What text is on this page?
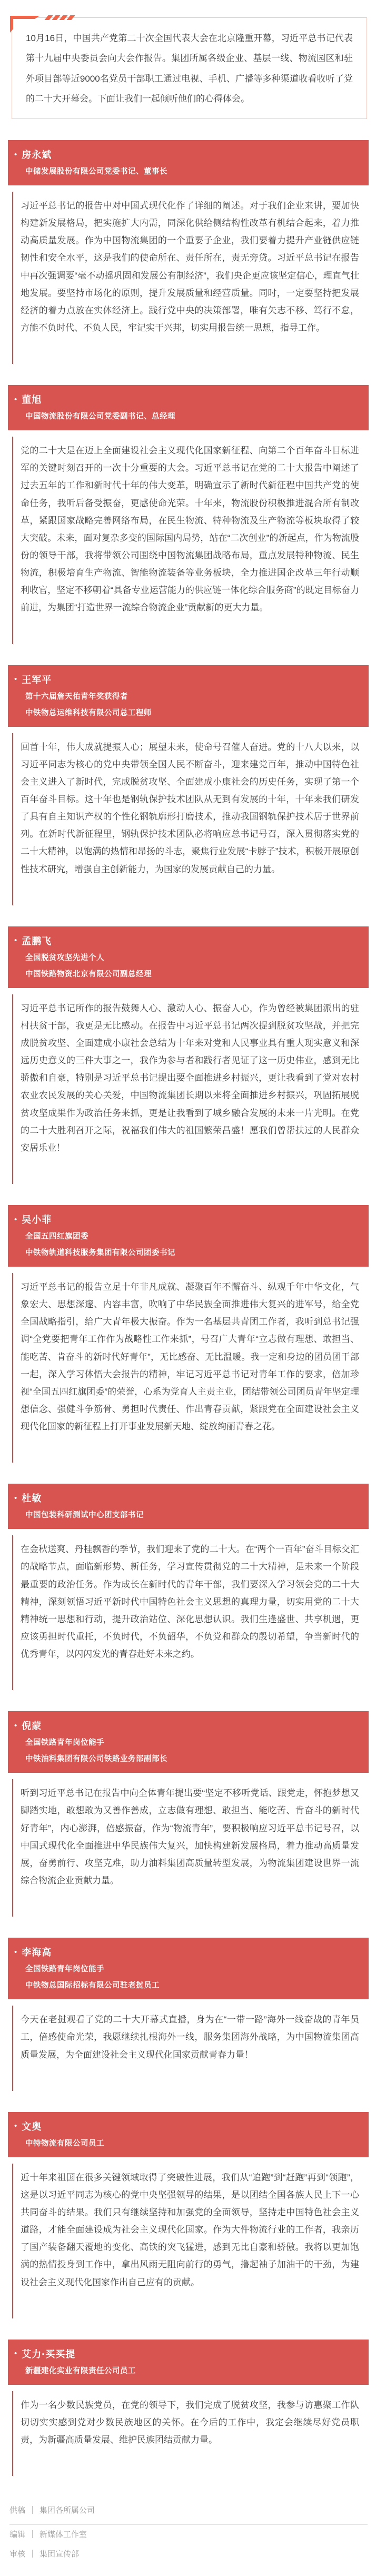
10月16日，中国共产党第二十次全国代表大会在北京隆重开幕，习近平总书记代表第十九届中央委员会向大会作报告。集团所属各级企业、基层一线、物流园区和驻外项目部等近9000名党员干部职工通过电视、手机、广播等多种渠道收看收听了党的二十大开幕会。下面让我们一起倾听他们的心得体会。
• 房永斌
中储发展股份有限公司党委书记、董事长
习近平总书记的报告中对中国式现代化作了详细的阐述。对于我们企业来讲，要加快构建新发展格局，把实施扩大内需，同深化供给侧结构性改革有机结合起来，着力推动高质量发展。作为中国物流集团的一个重要子企业，我们要着力提升产业链供应链韧性和安全水平，这是我们的使命所在、责任所在，责无旁贷。习近平总书记在报告中再次强调要“毫不动摇巩固和发展公有制经济”，我们央企更应该坚定信心，理直气壮地发展。要坚持市场化的原则，提升发展质量和经营质量。同时，一定要坚持把发展经济的着力点放在实体经济上。践行党中央的决策部署，唯有矢志不移、笃行不怠，方能不负时代、不负人民，牢记实干兴邦，切实用报告统一思想，指导工作。
• 董旭
中国物流股份有限公司党委副书记、总经理
党的二十大是在迈上全面建设社会主义现代化国家新征程、向第二个百年奋斗目标进军的关键时刻召开的一次十分重要的大会。习近平总书记在党的二十大报告中阐述了过去五年的工作和新时代十年的伟大变革，明确宣示了新时代新征程中国共产党的使命任务，我听后备受振奋，更感使命光荣。十年来，物流股份积极推进混合所有制改革，紧跟国家战略完善网络布局，在民生物流、特种物流及生产物流等板块取得了较大突破。未来，面对复杂多变的国际国内局势，站在“二次创业”的新起点，作为物流股份的领导干部，我将带领公司围绕中国物流集团战略布局，重点发展特种物流、民生物流，积极培育生产物流、智能物流装备等业务板块，全力推进国企改革三年行动顺利收官，坚定不移朝着“具备专业运营能力的供应链一体化综合服务商”的既定目标奋力前进，为集团“打造世界一流综合物流企业”贡献新的更大力量。
• 王军平
第十六届詹天佑青年奖获得者
中铁物总运维科技有限公司总工程师
回首十年，伟大成就提振人心；展望未来，使命号召催人奋进。党的十八大以来，以习近平同志为核心的党中央带领全国人民不断奋斗，迎来建党百年，推动中国特色社会主义进入了新时代，完成脱贫攻坚、全面建成小康社会的历史任务，实现了第一个百年奋斗目标。这十年也是钢轨保护技术团队从无到有发展的十年，十年来我们研发了具有自主知识产权的个性化钢轨廓形打磨技术，推动我国钢轨保护技术居于世界前列。在新时代新征程里，钢轨保护技术团队必将响应总书记号召，深入贯彻落实党的二十大精神，以饱满的热情和昂扬的斗志，聚焦行业发展“卡脖子”技术，积极开展原创性技术研究，增强自主创新能力，为国家的发展贡献自己的力量。
• 孟鹏飞
全国脱贫攻坚先进个人
中国铁路物资北京有限公司副总经理
习近平总书记所作的报告鼓舞人心、激动人心、振奋人心，作为曾经被集团派出的驻村扶贫干部，我更是无比感动。在报告中习近平总书记两次提到脱贫攻坚战，并把完成脱贫攻坚、全面建成小康社会总结为十年来对党和人民事业具有重大现实意义和深远历史意义的三件大事之一，我作为参与者和践行者见证了这一历史伟业，感到无比骄傲和自豪，特别是习近平总书记提出要全面推进乡村振兴，更让我看到了党对农村农业农民发展的关心关爱，中国物流集团长期以来将全面推进乡村振兴，巩固拓展脱贫攻坚成果作为政治任务来抓，更是让我看到了城乡融合发展的未来一片光明。在党的二十大胜利召开之际，祝福我们伟大的祖国繁荣昌盛！愿我们曾帮扶过的人民群众安居乐业！
• 吴小菲
全国五四红旗团委
中铁物轨道科技服务集团有限公司团委书记
习近平总书记的报告立足十年非凡成就、凝聚百年不懈奋斗、纵观千年中华文化，气象宏大、思想深邃、内容丰富，吹响了中华民族全面推进伟大复兴的进军号，给全党全国战略指引，给广大青年极大振奋。作为一名基层共青团工作者，我听到总书记强调“全党要把青年工作作为战略性工作来抓”，号召广大青年“立志做有理想、敢担当、能吃苦、肯奋斗的新时代好青年”，无比感奋、无比温暖。我一定和身边的团员团干部一起，深入学习体悟大会报告的精神，牢记习近平总书记对青年工作的要求，倍加珍视“全国五四红旗团委”的荣誉，心系为党育人主责主业，团结带领公司团员青年坚定理想信念、强健斗争筋骨、勇担时代责任、作出青春贡献，紧跟党在全面建设社会主义现代化国家的新征程上打开事业发展新天地、绽放绚丽青春之花。
• 杜敏
中国包装科研测试中心团支部书记
在金秋送爽、丹桂飘香的季节，我们迎来了党的二十大。在“两个一百年”奋斗目标交汇的战略节点，面临新形势、新任务，学习宣传贯彻党的二十大精神，是未来一个阶段最重要的政治任务。作为成长在新时代的青年干部，我们要深入学习领会党的二十大精神，深刻领悟习近平新时代中国特色社会主义思想的真理力量，切实用党的二十大精神统一思想和行动，提升政治站位、深化思想认识。我们生逢盛世、共享机遇，更应该勇担时代重托，不负时代，不负韶华，不负党和群众的殷切希望，争当新时代的优秀青年，以闪闪发光的青春赴好未来之约。
• 倪蒙
全国铁路青年岗位能手
中铁油料集团有限公司铁路业务部副部长
听到习近平总书记在报告中向全体青年提出要“坚定不移听党话、跟党走，怀抱梦想又脚踏实地，敢想敢为又善作善成，立志做有理想、敢担当、能吃苦、肯奋斗的新时代好青年”，内心澎湃，倍感振奋，作为“物流青年”，要积极响应习近平总书记号召，以中国式现代化全面推进中华民族伟大复兴，加快构建新发展格局，着力推动高质量发展，奋勇前行、攻坚克难，助力油料集团高质量转型发展，为物流集团建设世界一流综合物流企业贡献力量。
• 李海高
全国铁路青年岗位能手
中铁物总国际招标有限公司驻老挝员工
今天在老挝观看了党的二十大开幕式直播，身为在“一带一路”海外一线奋战的青年员工，倍感使命光荣，我愿继续扎根海外一线，服务集团海外战略，为中国物流集团高质量发展，为全面建设社会主义现代化国家贡献青春力量！
• 文奥
中特物流有限公司员工
近十年来祖国在很多关键领域取得了突破性进展，我们从“追跑”到“赶跑”再到“领跑”，这是以习近平同志为核心的党中央坚强领导的结果，是以团结全国各族人民上下一心共同奋斗的结果。我们只有继续坚持和加强党的全面领导，坚持走中国特色社会主义道路，才能全面建设成为社会主义现代化国家。作为大件物流行业的工作者，我亲历了国产装备翻天覆地的变化、高铁的突飞猛进，感到无比自豪和骄傲。我将以更加饱满的热情投身到工作中，拿出风雨无阻向前行的勇气，撸起袖子加油干的干劲，为建设社会主义现代化国家作出自己应有的贡献。
• 艾力·买买提
新疆建化实业有限责任公司员工
作为一名少数民族党员，在党的领导下，我们完成了脱贫攻坚，我参与访惠聚工作队切切实实感到党对少数民族地区的关怀。在今后的工作中，我定会继续尽好党员职责，为新疆高质量发展、维护民族团结贡献力量。
供稿 ｜ 集团各所属公司
编辑 ｜ 新媒体工作室
审核 ｜ 集团宣传部
